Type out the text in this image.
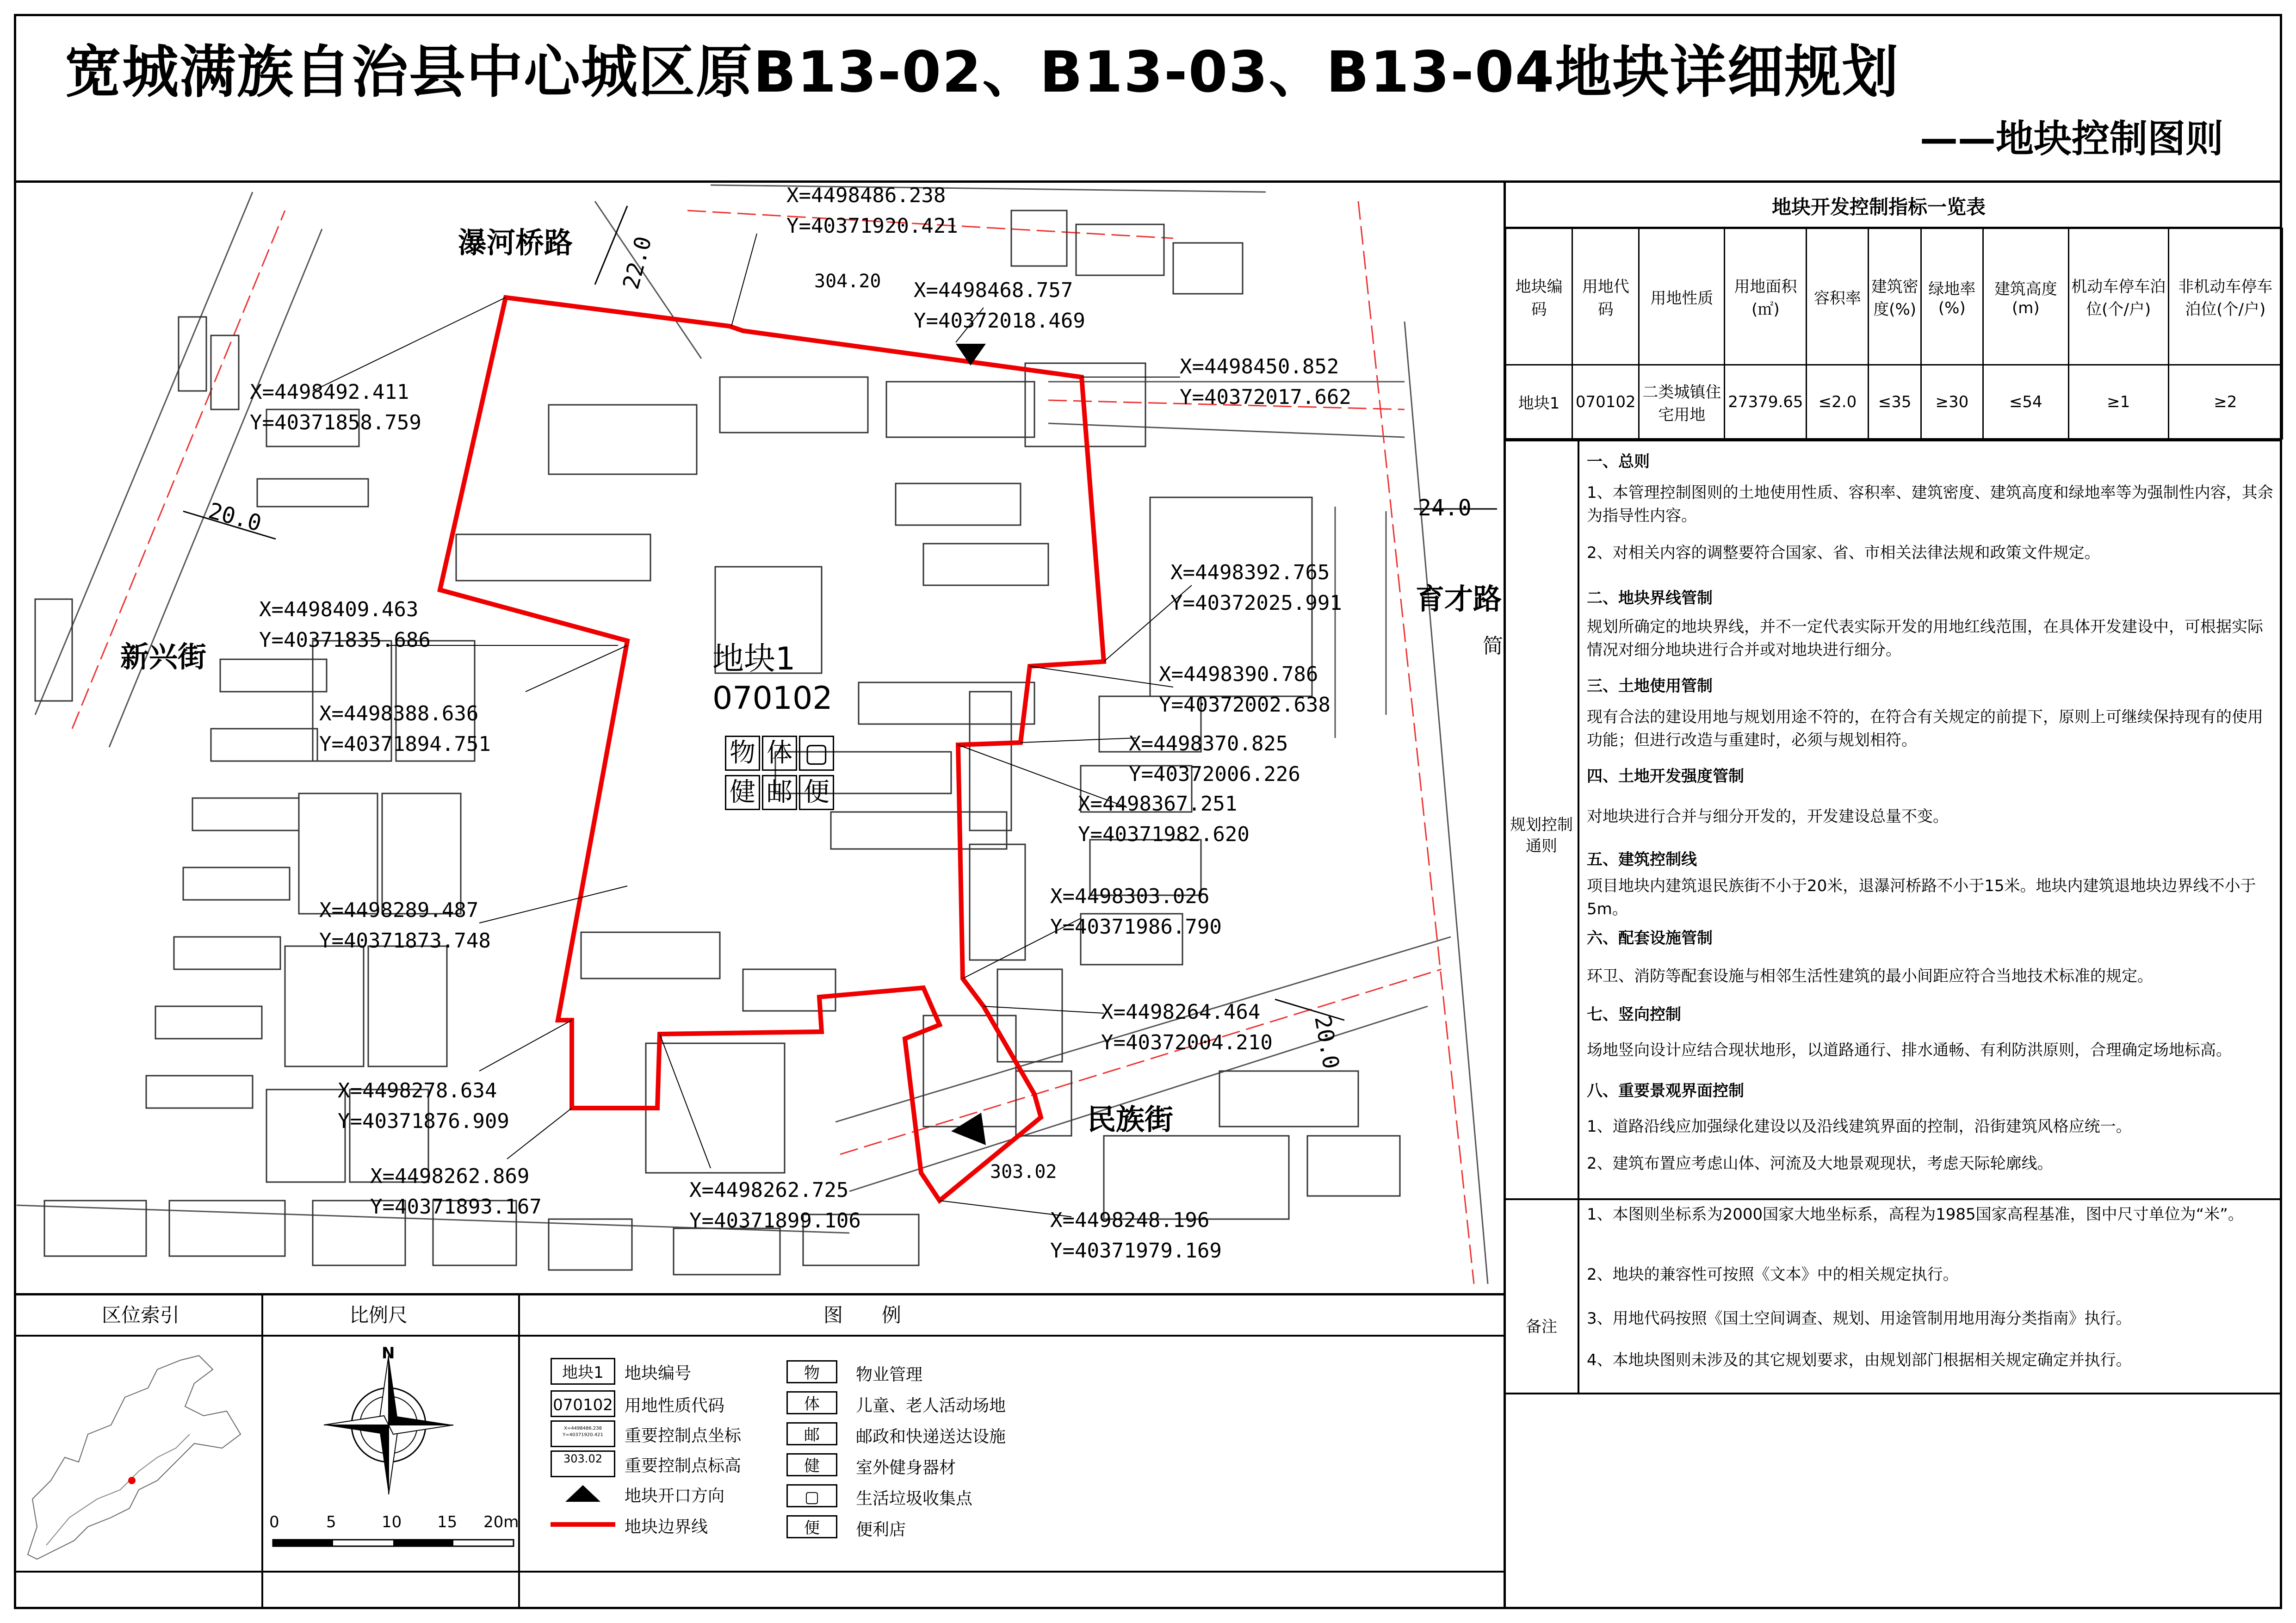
宽城满族自治县中心城区原B13-02、B13-03、B13-04地块详细规划
——地块控制图则
瀑河桥路
新兴街
育才路
民族街
简
22.0
20.0	24.0
20.0
304.20
303.02
地块1
070102
物 体 ▢
健 邮 便
X=4498486.238
Y=40371920.421
X=4498468.757
Y=40372018.469
X=4498450.852
Y=40372017.662
X=4498492.411
Y=40371858.759
X=4498392.765
Y=40372025.991
X=4498409.463
Y=40371835.686
X=4498390.786
Y=40372002.638
X=4498388.636
Y=40371894.751	X=4498370.825
Y=40372006.226
X=4498367.251
Y=40371982.620
X=4498303.026
Y=40371986.790
X=4498289.487
Y=40371873.748
X=4498264.464
Y=40372004.210
X=4498278.634
Y=40371876.909
X=4498262.869
Y=40371893.167
X=4498262.725
Y=40371899.106	X=4498248.196
Y=40371979.169
地块开发控制指标一览表
地块编码	用地代码	用地性质	用地面积(㎡)	容积率	建筑密度(%)	绿地率(%)	建筑高度(m)	机动车停车泊位(个/户)	非机动车停车泊位(个/户)
地块1	070102	二类城镇住宅用地	27379.65	≤2.0	≤35	≥30	≤54	≥1	≥2
规划控制通则
一、总则
1、本管理控制图则的土地使用性质、容积率、建筑密度、建筑高度和绿地率等为强制性内容，其余为指导性内容。
2、对相关内容的调整要符合国家、省、市相关法律法规和政策文件规定。
二、地块界线管制
规划所确定的地块界线，并不一定代表实际开发的用地红线范围，在具体开发建设中，可根据实际情况对细分地块进行合并或对地块进行细分。
三、土地使用管制
现有合法的建设用地与规划用途不符的，在符合有关规定的前提下，原则上可继续保持现有的使用功能；但进行改造与重建时，必须与规划相符。
四、土地开发强度管制
对地块进行合并与细分开发的，开发建设总量不变。
五、建筑控制线
项目地块内建筑退民族街不小于20米，退瀑河桥路不小于15米。地块内建筑退地块边界线不小于5m。
六、配套设施管制
环卫、消防等配套设施与相邻生活性建筑的最小间距应符合当地技术标准的规定。
七、竖向控制
场地竖向设计应结合现状地形，以道路通行、排水通畅、有利防洪原则，合理确定场地标高。
八、重要景观界面控制
1、道路沿线应加强绿化建设以及沿线建筑界面的控制，沿街建筑风格应统一。
2、建筑布置应考虑山体、河流及大地景观现状，考虑天际轮廓线。
备注
1、本图则坐标系为2000国家大地坐标系，高程为1985国家高程基准，图中尺寸单位为“米”。
2、地块的兼容性可按照《文本》中的相关规定执行。
3、用地代码按照《国土空间调查、规划、用途管制用地用海分类指南》执行。
4、本地块图则未涉及的其它规划要求，由规划部门根据相关规定确定并执行。
区位索引	比例尺	图　　例
N
0	5	10 15 20m
地块1	地块编号
070102 用地性质代码
X=4498486.238 Y=40371920.421	重要控制点坐标
303.02	重要控制点标高
地块开口方向
地块边界线
物	物业管理
体	儿童、老人活动场地
邮	邮政和快递送达设施
健	室外健身器材
▢	生活垃圾收集点
便	便利店
